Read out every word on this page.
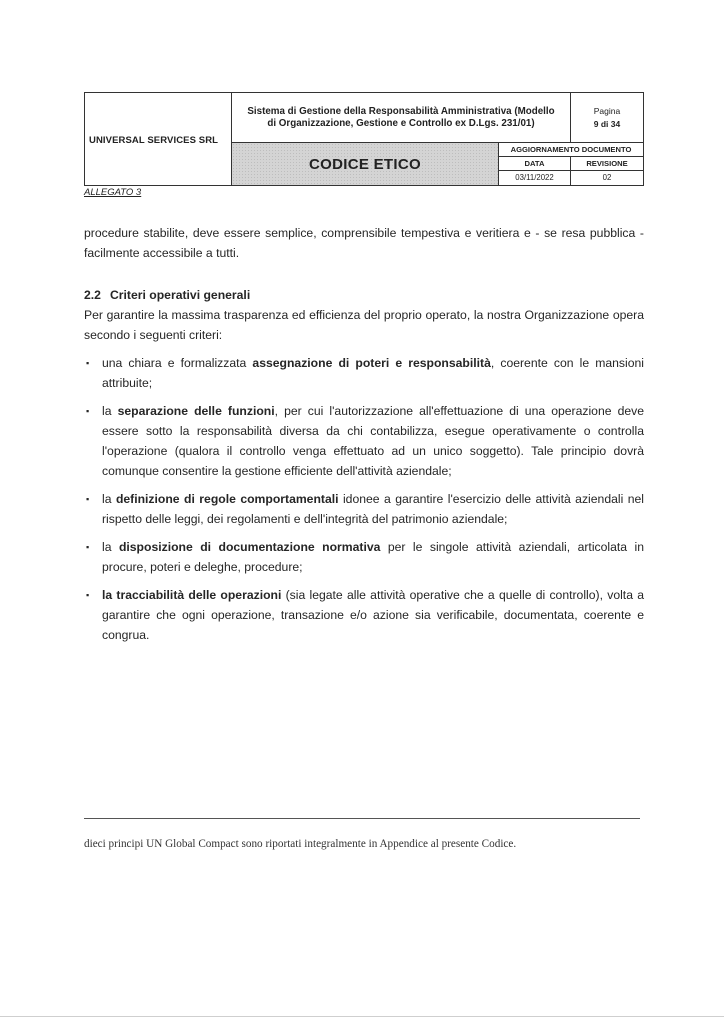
UNIVERSAL SERVICES SRL
Sistema di Gestione della Responsabilità Amministrativa (Modello di Organizzazione, Gestione e Controllo ex D.Lgs. 231/01)
Pagina
9 di 34
CODICE ETICO
AGGIORNAMENTO DOCUMENTO
DATA	REVISIONE
03/11/2022	02
ALLEGATO 3

procedure stabilite, deve essere semplice, comprensibile tempestiva e veritiera e - se resa pubblica - facilmente accessibile a tutti.

2.2 Criteri operativi generali

Per garantire la massima trasparenza ed efficienza del proprio operato, la nostra Organizzazione opera secondo i seguenti criteri:

▪ una chiara e formalizzata assegnazione di poteri e responsabilità, coerente con le mansioni attribuite;
▪ la separazione delle funzioni, per cui l'autorizzazione all'effettuazione di una operazione deve essere sotto la responsabilità diversa da chi contabilizza, esegue operativamente o controlla l'operazione (qualora il controllo venga effettuato ad un unico soggetto). Tale principio dovrà comunque consentire la gestione efficiente dell'attività aziendale;
▪ la definizione di regole comportamentali idonee a garantire l'esercizio delle attività aziendali nel rispetto delle leggi, dei regolamenti e dell'integrità del patrimonio aziendale;
▪ la disposizione di documentazione normativa per le singole attività aziendali, articolata in procure, poteri e deleghe, procedure;
▪ la tracciabilità delle operazioni (sia legate alle attività operative che a quelle di controllo), volta a garantire che ogni operazione, transazione e/o azione sia verificabile, documentata, coerente e congrua.
dieci principi UN Global Compact sono riportati integralmente in Appendice al presente Codice.
